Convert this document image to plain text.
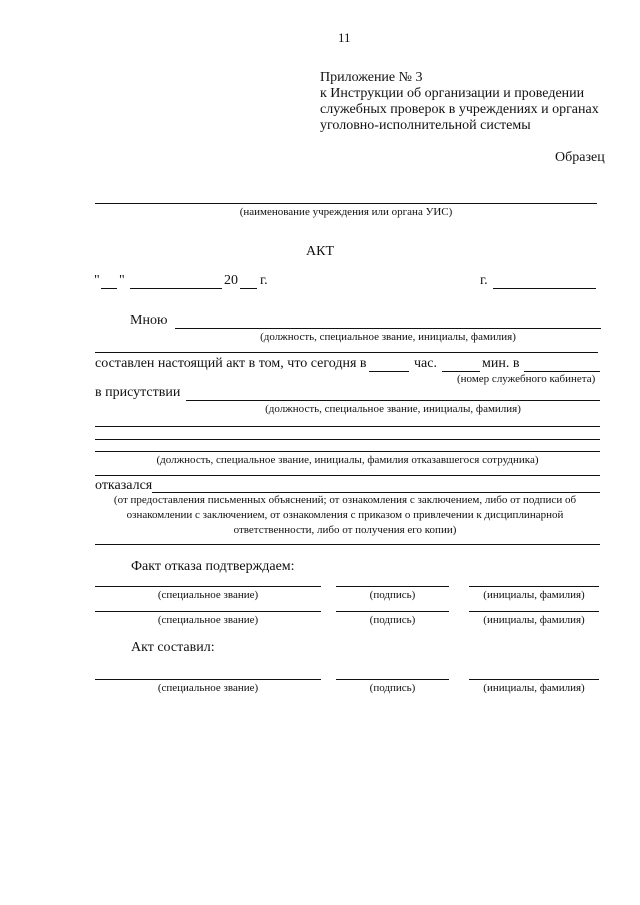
11
Приложение № 3
к Инструкции об организации и проведении
служебных проверок в учреждениях и органах
уголовно-исполнительной системы
Образец
(наименование учреждения или органа УИС)
АКТ
" "	20 г.	г.
Мною
(должность, специальное звание, инициалы, фамилия)
составлен настоящий акт в том, что сегодня в	час.	мин. в
(номер служебного кабинета)
в присутствии
(должность, специальное звание, инициалы, фамилия)
(должность, специальное звание, инициалы, фамилия отказавшегося сотрудника)
отказался
(от предоставления письменных объяснений; от ознакомления с заключением, либо от подписи об
ознакомлении с заключением, от ознакомления с приказом о привлечении к дисциплинарной
ответственности, либо от получения его копии)
Факт отказа подтверждаем:
(специальное звание)	(подпись)	(инициалы, фамилия)
(специальное звание)	(подпись)	(инициалы, фамилия)
Акт составил:
(специальное звание)	(подпись)	(инициалы, фамилия)
